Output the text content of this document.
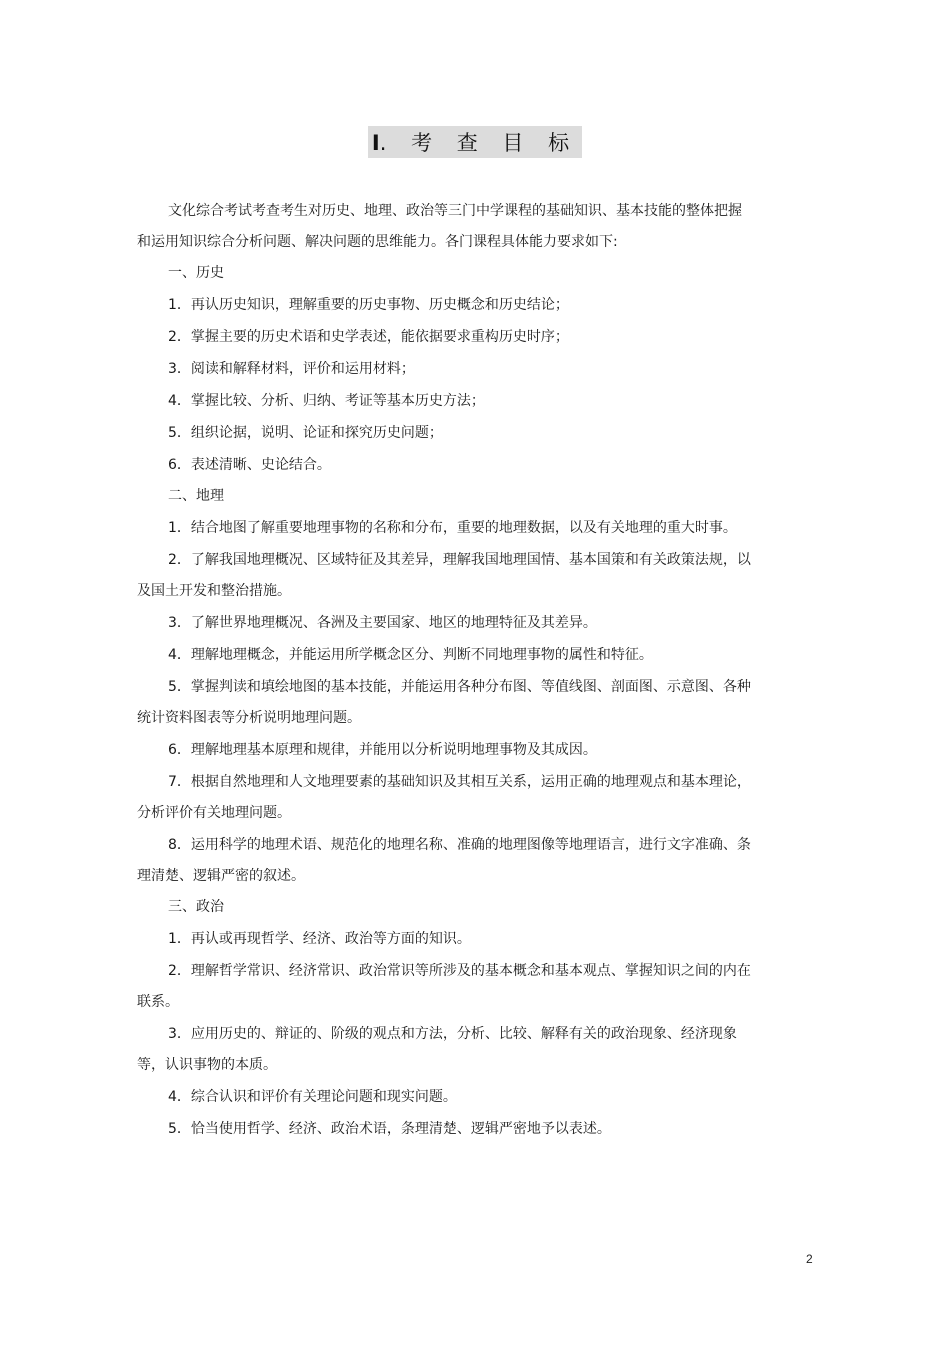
I. 考 查 目 标

文化综合考试考查考生对历史、地理、政治等三门中学课程的基础知识、基本技能的整体把握和运用知识综合分析问题、解决问题的思维能力。各门课程具体能力要求如下:

一、历史

1．再认历史知识，理解重要的历史事物、历史概念和历史结论；

2．掌握主要的历史术语和史学表述，能依据要求重构历史时序；

3．阅读和解释材料，评价和运用材料；

4．掌握比较、分析、归纳、考证等基本历史方法；

5．组织论据，说明、论证和探究历史问题；

6．表述清晰、史论结合。

二、地理

1．结合地图了解重要地理事物的名称和分布，重要的地理数据，以及有关地理的重大时事。

2．了解我国地理概况、区域特征及其差异，理解我国地理国情、基本国策和有关政策法规，以及国土开发和整治措施。

3．了解世界地理概况、各洲及主要国家、地区的地理特征及其差异。

4．理解地理概念，并能运用所学概念区分、判断不同地理事物的属性和特征。

5．掌握判读和填绘地图的基本技能，并能运用各种分布图、等值线图、剖面图、示意图、各种统计资料图表等分析说明地理问题。

6．理解地理基本原理和规律，并能用以分析说明地理事物及其成因。

7．根据自然地理和人文地理要素的基础知识及其相互关系，运用正确的地理观点和基本理论，分析评价有关地理问题。

8．运用科学的地理术语、规范化的地理名称、准确的地理图像等地理语言，进行文字准确、条理清楚、逻辑严密的叙述。

三、政治

1．再认或再现哲学、经济、政治等方面的知识。

2．理解哲学常识、经济常识、政治常识等所涉及的基本概念和基本观点、掌握知识之间的内在联系。

3．应用历史的、辩证的、阶级的观点和方法，分析、比较、解释有关的政治现象、经济现象等，认识事物的本质。

4．综合认识和评价有关理论问题和现实问题。

5．恰当使用哲学、经济、政治术语，条理清楚、逻辑严密地予以表述。

2
